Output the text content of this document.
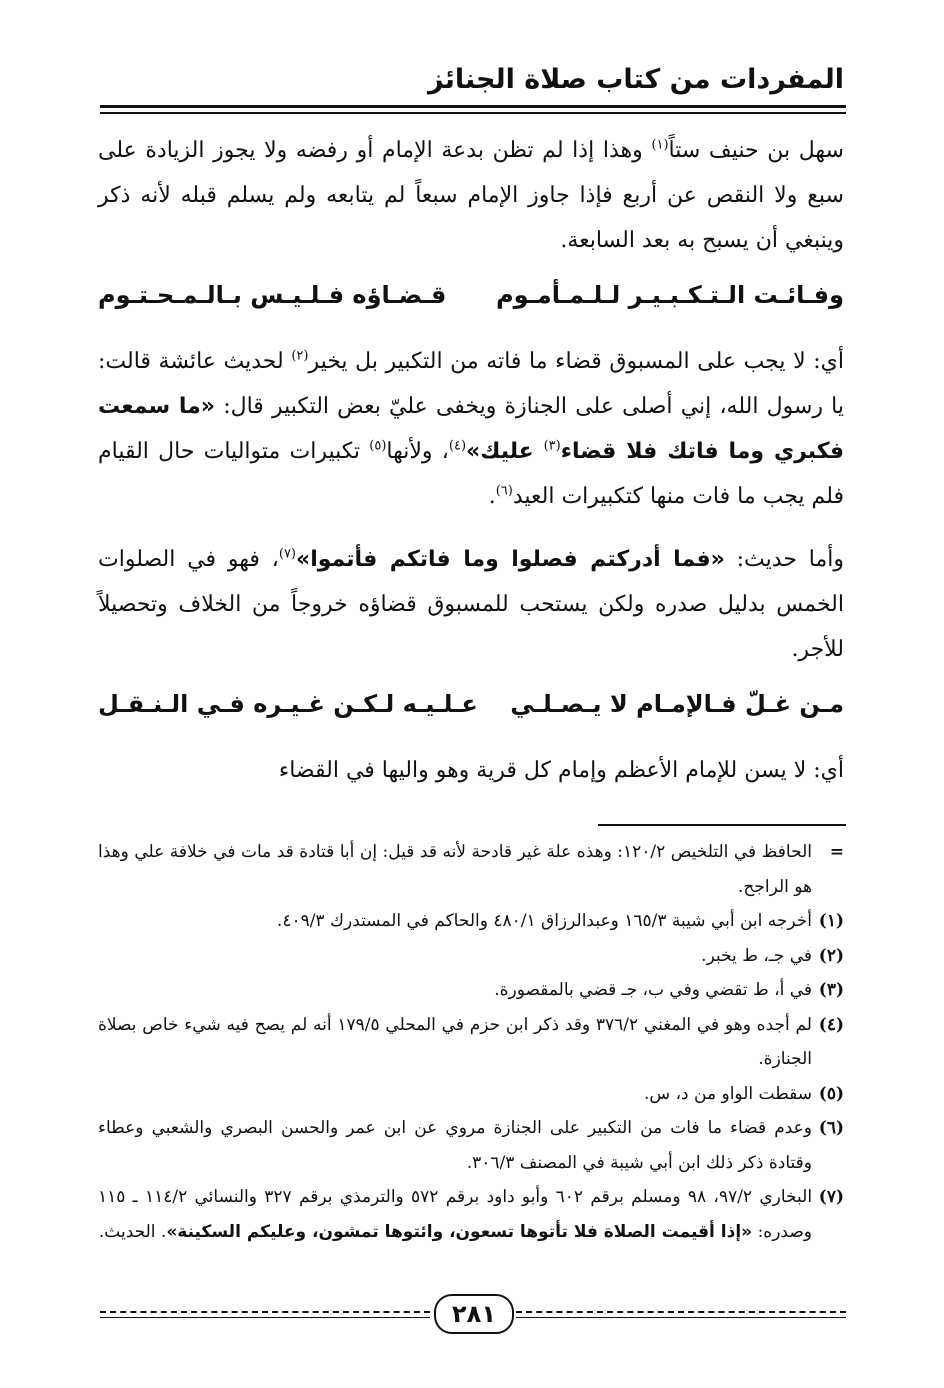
المفردات من كتاب صلاة الجنائز

سهل بن حنيف ستاً$^{(١)}$ وهذا إذا لم تظن بدعة الإمام أو رفضه ولا يجوز الزيادة على سبع ولا النقص عن أربع فإذا جاوز الإمام سبعاً لم يتابعه ولم يسلم قبله لأنه ذكر وينبغي أن يسبح به بعد السابعة.

وفـائـت الـتـكـبـيـر لـلـمـأمـوم
قـضـاؤه فـلـيـس بـالـمـحـتـوم

أي: لا يجب على المسبوق قضاء ما فاته من التكبير بل يخير$^{(٢)}$ لحديث عائشة قالت: يا رسول الله، إني أصلى على الجنازة ويخفى عليّ بعض التكبير قال: «ما سمعت فكبري وما فاتك فلا قضاء$^{(٣)}$ عليك»$^{(٤)}$، ولأنها$^{(٥)}$ تكبيرات متواليات حال القيام فلم يجب ما فات منها كتكبيرات العيد$^{(٦)}$.

وأما حديث: «فما أدركتم فصلوا وما فاتكم فأتموا»$^{(٧)}$، فهو في الصلوات الخمس بدليل صدره ولكن يستحب للمسبوق قضاؤه خروجاً من الخلاف وتحصيلاً للأجر.

مـن غـلّ فـالإمـام لا يـصـلـي
عـلـيـه لـكـن غـيـره فـي الـنـقـل

أي: لا يسن للإمام الأعظم وإمام كل قرية وهو واليها في القضاء

=
الحافظ في التلخيص ١٢٠/٢: وهذه علة غير قادحة لأنه قد قيل: إن أبا قتادة قد مات في خلافة علي وهذا هو الراجح.
(١)
أخرجه ابن أبي شيبة ١٦٥/٣ وعبدالرزاق ٤٨٠/١ والحاكم في المستدرك ٤٠٩/٣.
(٢)
في جـ، ط يخبر.
(٣)
في أ، ط تقضي وفي ب، جـ قضي بالمقصورة.
(٤)
لم أجده وهو في المغني ٣٧٦/٢ وقد ذكر ابن حزم في المحلي ١٧٩/٥ أنه لم يصح فيه شيء خاص بصلاة الجنازة.
(٥)
سقطت الواو من د، س.
(٦)
وعدم قضاء ما فات من التكبير على الجنازة مروي عن ابن عمر والحسن البصري والشعبي وعطاء وقتادة ذكر ذلك ابن أبي شيبة في المصنف ٣٠٦/٣.
(٧)
البخاري ٩٧/٢، ٩٨ ومسلم برقم ٦٠٢ وأبو داود برقم ٥٧٢ والترمذي برقم ٣٢٧ والنسائي ١١٤/٢ ـ ١١٥ وصدره: «إذا أقيمت الصلاة فلا تأتوها تسعون، وائتوها تمشون، وعليكم السكينة». الحديث.
٢٨١
